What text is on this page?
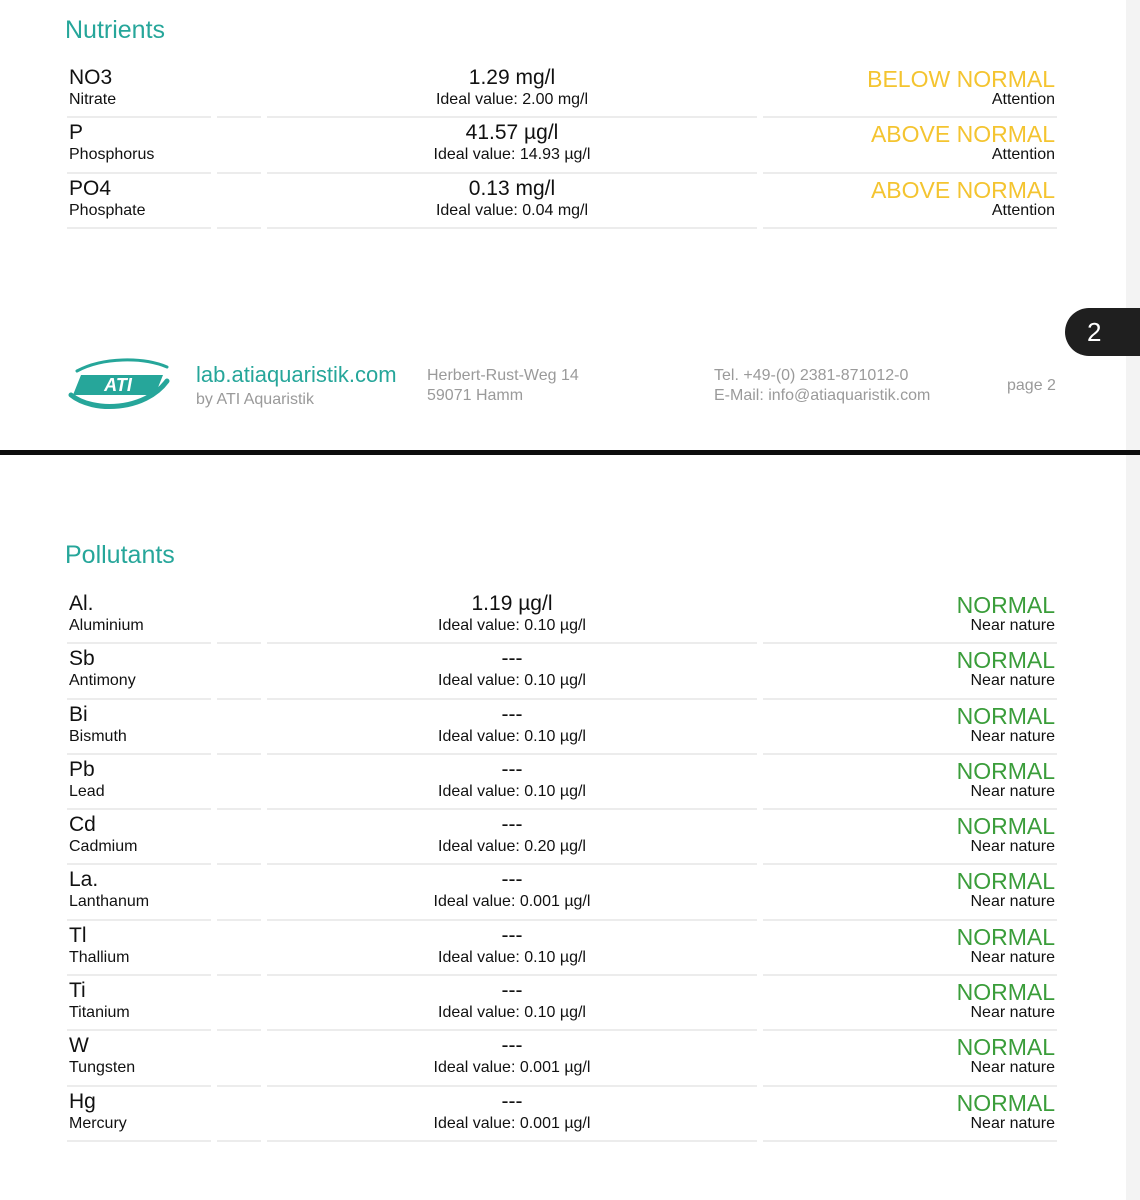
Nutrients
NO3
Nitrate
1.29 mg/l
Ideal value: 2.00 mg/l
BELOW NORMAL
Attention
P
Phosphorus
41.57 µg/l
Ideal value: 14.93 µg/l
ABOVE NORMAL
Attention
PO4
Phosphate
0.13 mg/l
Ideal value: 0.04 mg/l
ABOVE NORMAL
Attention
ATI	lab.atiaquaristik.com
by ATI Aquaristik
Herbert-Rust-Weg 14
59071 Hamm
Tel. +49-(0) 2381-871012-0
E-Mail: info@atiaquaristik.com
page 2
2
Pollutants
Al.
Aluminium
1.19 µg/l
Ideal value: 0.10 µg/l
NORMAL
Near nature
Sb
Antimony
---
Ideal value: 0.10 µg/l
NORMAL
Near nature
Bi
Bismuth
---
Ideal value: 0.10 µg/l
NORMAL
Near nature
Pb
Lead
---
Ideal value: 0.10 µg/l
NORMAL
Near nature
Cd
Cadmium
---
Ideal value: 0.20 µg/l
NORMAL
Near nature
La.
Lanthanum
---
Ideal value: 0.001 µg/l
NORMAL
Near nature
Tl
Thallium
---
Ideal value: 0.10 µg/l
NORMAL
Near nature
Ti
Titanium
---
Ideal value: 0.10 µg/l
NORMAL
Near nature
W
Tungsten
---
Ideal value: 0.001 µg/l
NORMAL
Near nature
Hg
Mercury
---
Ideal value: 0.001 µg/l
NORMAL
Near nature
